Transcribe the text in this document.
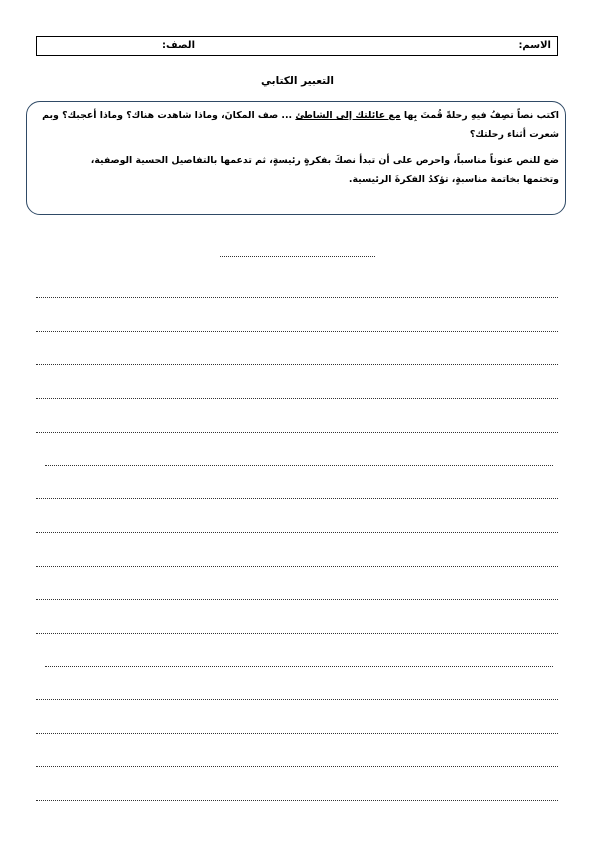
الاسم:
الصف:
التعبير الكتابي

اكتب نصاً تصِفُ فيهِ رحلةً قُمتَ بِها مع عائلتك إلى الشاطئ ... صف المكانَ، وماذا شاهدت هناك؟ وماذا أعجبك؟ وبم

شعرت أثناء رحلتك؟

ضع للنص عنوناً مناسباً، واحرص على أن تبدأ نصكَ بفكرةٍ رئيسةٍ، ثم تدعمها بالتفاصيل الحسية الوصفية،

وتختمها بخاتمة مناسبةٍ، تؤكدُ الفكرةَ الرئيسية.
